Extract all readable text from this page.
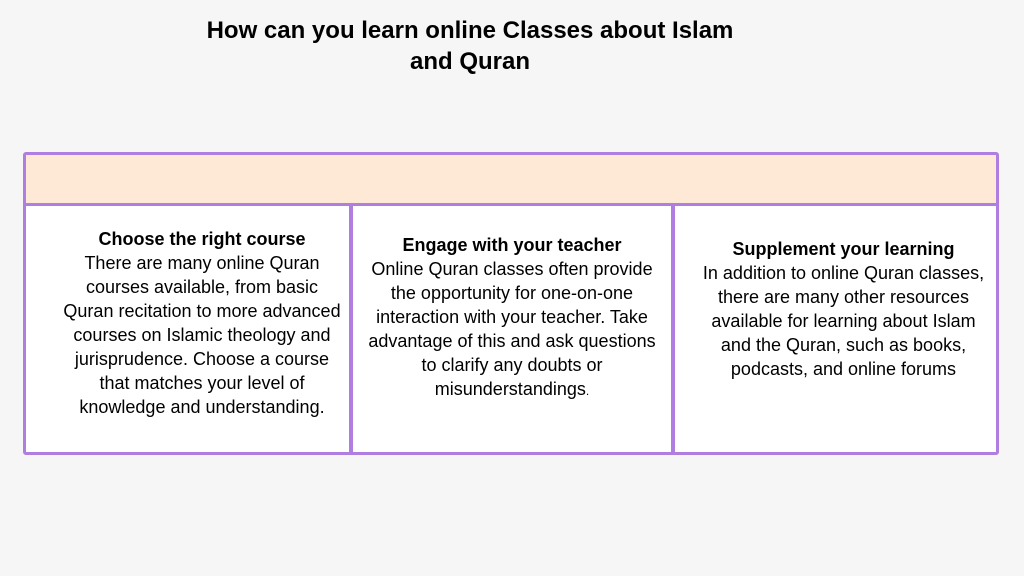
How can you learn online Classes about Islam
and Quran
Choose the right course
There are many online Quran courses available, from basic Quran recitation to more advanced courses on Islamic theology and jurisprudence. Choose a course that matches your level of knowledge and understanding.
Engage with your teacher
Online Quran classes often provide the opportunity for one-on-one interaction with your teacher. Take advantage of this and ask questions to clarify any doubts or misunderstandings.
Supplement your learning
In addition to online Quran classes, there are many other resources available for learning about Islam and the Quran, such as books, podcasts, and online forums
